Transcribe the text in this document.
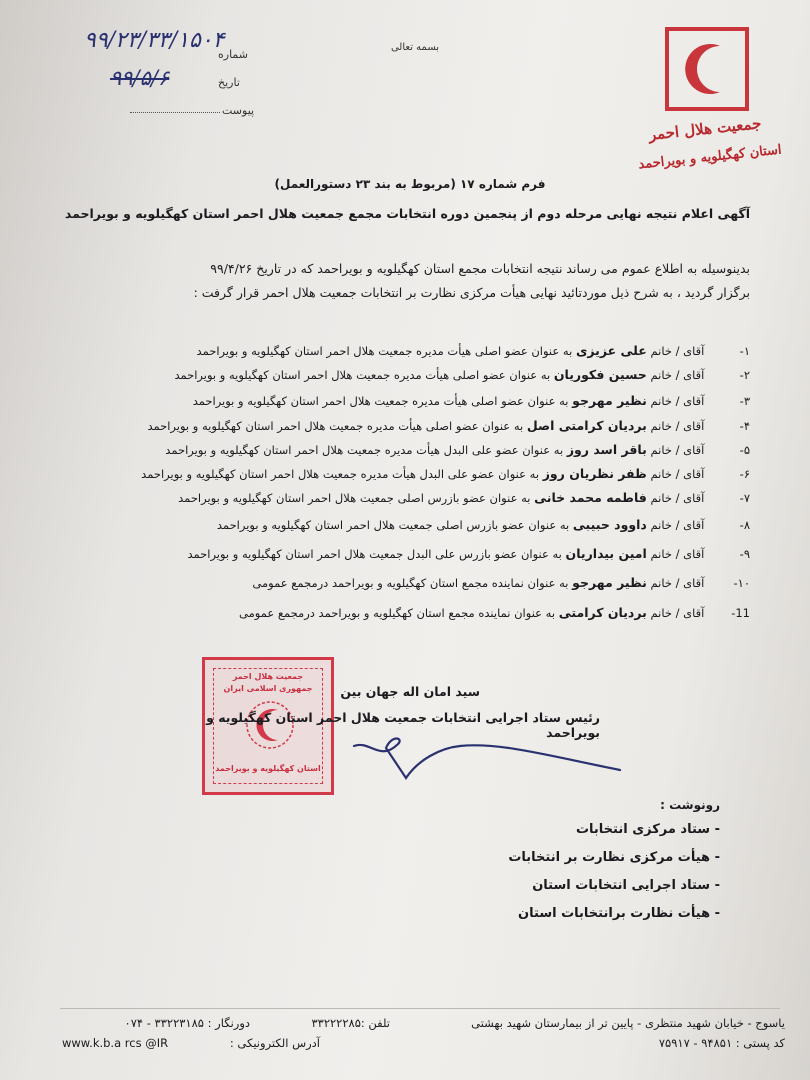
۹۹/۲۳/۳۳/۱۵۰۴
شماره
۹۹/۵/۶	تاریخ
پیوست
بسمه تعالی
جمعیت هلال احمر
استان کهگیلویه و بویراحمد
فرم شماره ۱۷ (مربوط به بند ۲۳ دستورالعمل)
آگهی اعلام نتیجه نهایی مرحله دوم از پنجمین دوره انتخابات مجمع جمعیت هلال احمر استان کهگیلویه و بویراحمد
بدینوسیله به اطلاع عموم می رساند نتیجه انتخابات مجمع استان کهگیلویه و بویراحمد که در تاریخ ۹۹/۴/۲۶
برگزار گردید ، به شرح ذیل موردتائید نهایی هیأت مرکزی نظارت بر انتخابات جمعیت هلال احمر قرار گرفت :
۱- آقای / خانم علی عزیزی به عنوان عضو اصلی هیأت مدیره جمعیت هلال احمر استان کهگیلویه و بویراحمد
۲- آقای / خانم حسین فکوریان به عنوان عضو اصلی هیأت مدیره جمعیت هلال احمر استان کهگیلویه و بویراحمد
۳- آقای / خانم نظیر مهرجو به عنوان عضو اصلی هیأت مدیره جمعیت هلال احمر استان کهگیلویه و بویراحمد
۴- آقای / خانم بردیان کرامتی اصل به عنوان عضو اصلی هیأت مدیره جمعیت هلال احمر استان کهگیلویه و بویراحمد
۵- آقای / خانم باقر اسد روز به عنوان عضو علی البدل هیأت مدیره جمعیت هلال احمر استان کهگیلویه و بویراحمد
۶- آقای / خانم ظفر نظریان روز به عنوان عضو علی البدل هیأت مدیره جمعیت هلال احمر استان کهگیلویه و بویراحمد
۷- آقای / خانم فاطمه محمد خانی به عنوان عضو بازرس اصلی جمعیت هلال احمر استان کهگیلویه و بویراحمد
۸- آقای / خانم داوود حبیبی به عنوان عضو بازرس اصلی جمعیت هلال احمر استان کهگیلویه و بویراحمد
۹- آقای / خانم امین بیداریان به عنوان عضو بازرس علی البدل جمعیت هلال احمر استان کهگیلویه و بویراحمد
۱۰- آقای / خانم نظیر مهرجو به عنوان نماینده مجمع استان کهگیلویه و بویراحمد درمجمع عمومی
11- آقای / خانم بردیان کرامتی به عنوان نماینده مجمع استان کهگیلویه و بویراحمد درمجمع عمومی
جمعیت هلال احمر
جمهوری اسلامی ایران
استان کهگیلویه و بویراحمد
سید امان اله جهان بین
رئیس ستاد اجرایی انتخابات جمعیت هلال احمر استان کهگیلویه و بویراحمد
رونوشت :
- ستاد مرکزی انتخابات
- هیأت مرکزی نظارت بر انتخابات
- ستاد اجرایی انتخابات استان
- هیأت نظارت برانتخابات استان
یاسوج - خیابان شهید منتظری - پایین تر از بیمارستان شهید بهشتی
تلفن :۳۳۲۲۲۲۸۵
دورنگار : ۳۳۲۲۳۱۸۵ - ۰۷۴
کد پستی : ۹۴۸۵۱ - ۷۵۹۱۷
آدرس الکترونیکی :
www.k.b.a rcs @IR
